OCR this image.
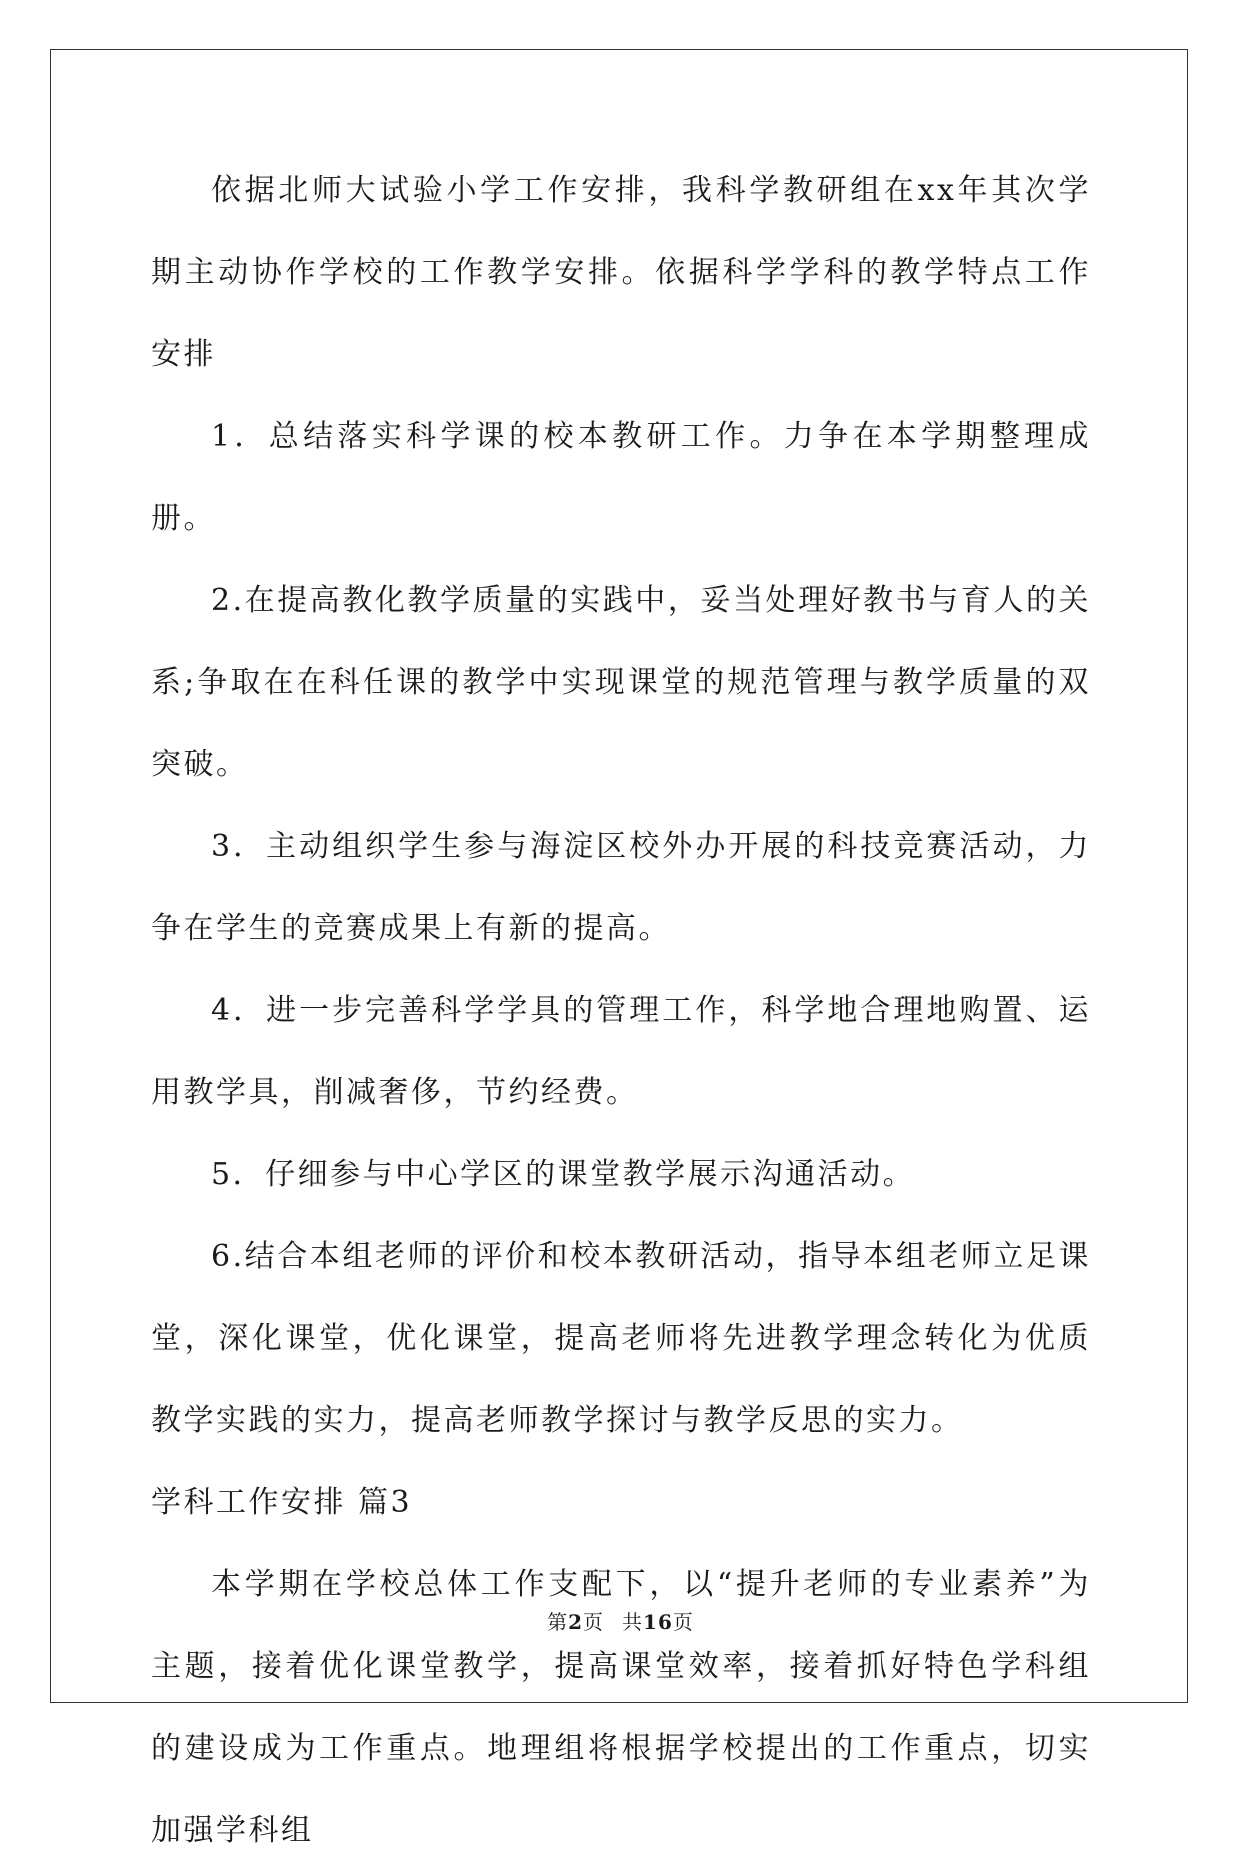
依据北师大试验小学工作安排，我科学教研组在xx年其次学期主动协作学校的工作教学安排。依据科学学科的教学特点工作安排

1．总结落实科学课的校本教研工作。力争在本学期整理成册。

2.在提高教化教学质量的实践中，妥当处理好教书与育人的关系;争取在在科任课的教学中实现课堂的规范管理与教学质量的双突破。

3．主动组织学生参与海淀区校外办开展的科技竞赛活动，力争在学生的竞赛成果上有新的提高。

4．进一步完善科学学具的管理工作，科学地合理地购置、运用教学具，削减奢侈，节约经费。

5．仔细参与中心学区的课堂教学展示沟通活动。

6.结合本组老师的评价和校本教研活动，指导本组老师立足课堂，深化课堂，优化课堂，提高老师将先进教学理念转化为优质教学实践的实力，提高老师教学探讨与教学反思的实力。

学科工作安排 篇3

本学期在学校总体工作支配下，以“提升老师的专业素养”为主题，接着优化课堂教学，提高课堂效率，接着抓好特色学科组的建设成为工作重点。地理组将根据学校提出的工作重点，切实加强学科组

第2页 共16页
